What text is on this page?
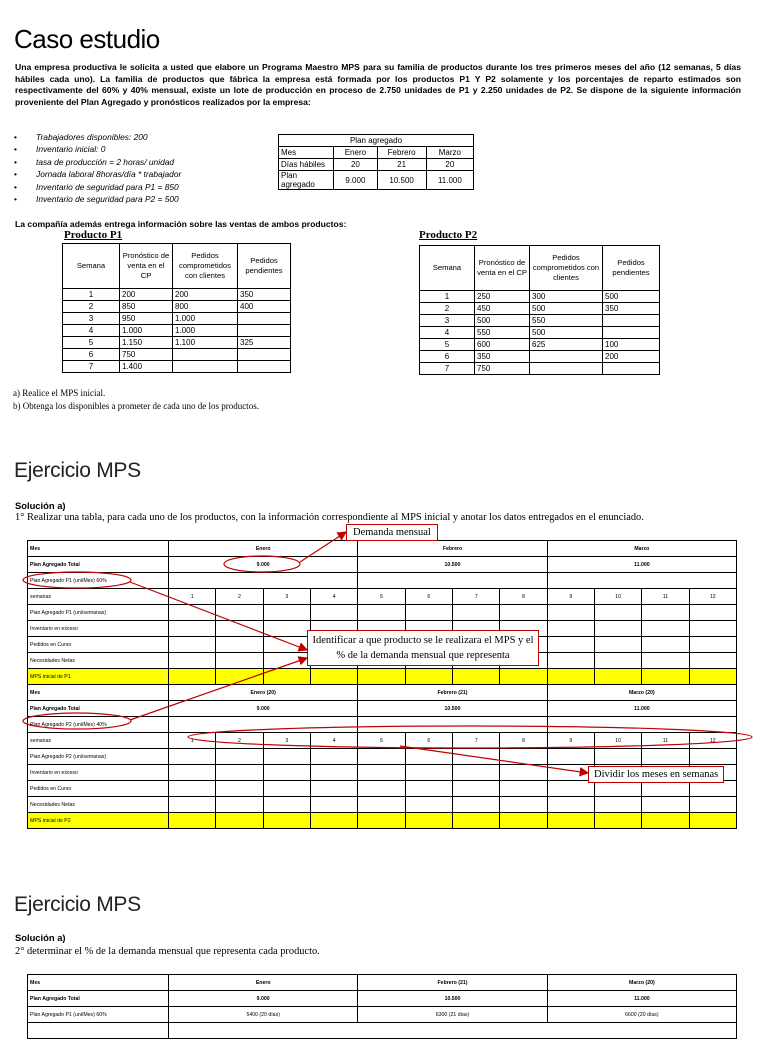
Caso estudio
Una empresa productiva le solicita a usted que elabore un Programa Maestro MPS para su familia de productos durante los tres primeros meses del año (12 semanas, 5 días hábiles cada uno). La familia de productos que fábrica la empresa está formada por los productos P1 Y P2 solamente y los porcentajes de reparto estimados son respectivamente del 60% y 40% mensual, existe un lote de producción en proceso de 2.750 unidades de P1 y 2.250 unidades de P2. Se dispone de la siguiente información proveniente del Plan Agregado y pronósticos realizados por la empresa:
• Trabajadores disponibles: 200
• Inventario inicial: 0
• tasa de producción = 2 horas/ unidad
• Jornada laboral 8horas/día * trabajador
• Inventario de seguridad para P1 = 850
• Inventario de seguridad para P2 = 500
Plan agregado			
Mes	Enero	Febrero	Marzo
Días hábiles	20	21	20
Plan agregado	9.000	10.500	11.000
La compañía además entrega información sobre las ventas de ambos productos:
Producto P1	Producto P2
Semana	Pronóstico de venta en el CP	Pedidos comprometidos con clientes	Pedidos pendientes
1	200	200	350
2	850	800	400
3	950	1.000	
4	1.000	1.000	
5	1.150	1.100	325
6	750		
7	1.400		
Semana	Pronóstico de venta en el CP	Pedidos comprometidos con clientes	Pedidos pendientes
1	250	300	500
2	450	500	350
3	500	550	
4	550	500	
5	600	625	100
6	350		200
7	750		
a) Realice el MPS inicial.
b) Obtenga los disponibles a prometer de cada uno de los productos.
Ejercicio MPS
Solución a)
1° Realizar una tabla, para cada uno de los productos, con la información correspondiente al MPS inicial y anotar los datos entregados en el enunciado.
Mes	Enero				Febrero				Marzo			
Plan Agregado Total	9.000				10.500				11.000			
Plan Agregado P1 (uni/Mes) 60%												
semanas	1	2	3	4	5	6	7	8	9	10	11	12
Plan Agregado P1 (uni/semanas)												
Inventario en exceso												
Pedidos en Curso												
Necesidades Netas												
MPS inicial de P1												
Mes	Enero (20)				Febrero (21)				Marzo (20)			
Plan Agregado Total	9.000				10.500				11.000			
Plan Agregado P2 (uni/Mes) 40%												
semanas	1	2	3	4	5	6	7	8	9	10	11	12
Plan Agregado P2 (uni/semanas)												
Inventario en exceso												
Pedidos en Curso												
Necesidades Netas												
MPS inicial de P2												
Ejercicio MPS
Solución a)
2° determinar el % de la demanda mensual que representa cada producto.
Mes	Enero	Febrero (21)	Marzo (20)
Plan Agregado Total	9.000	10.500	11.000
Plan Agregado P1 (uni/Mes) 60%	5400 (20 días)	6300 (21 días)	6600 (20 días)

Demanda mensual
Identificar a que producto se le realizara el MPS y el % de la demanda mensual que representa
Dividir los meses en semanas
